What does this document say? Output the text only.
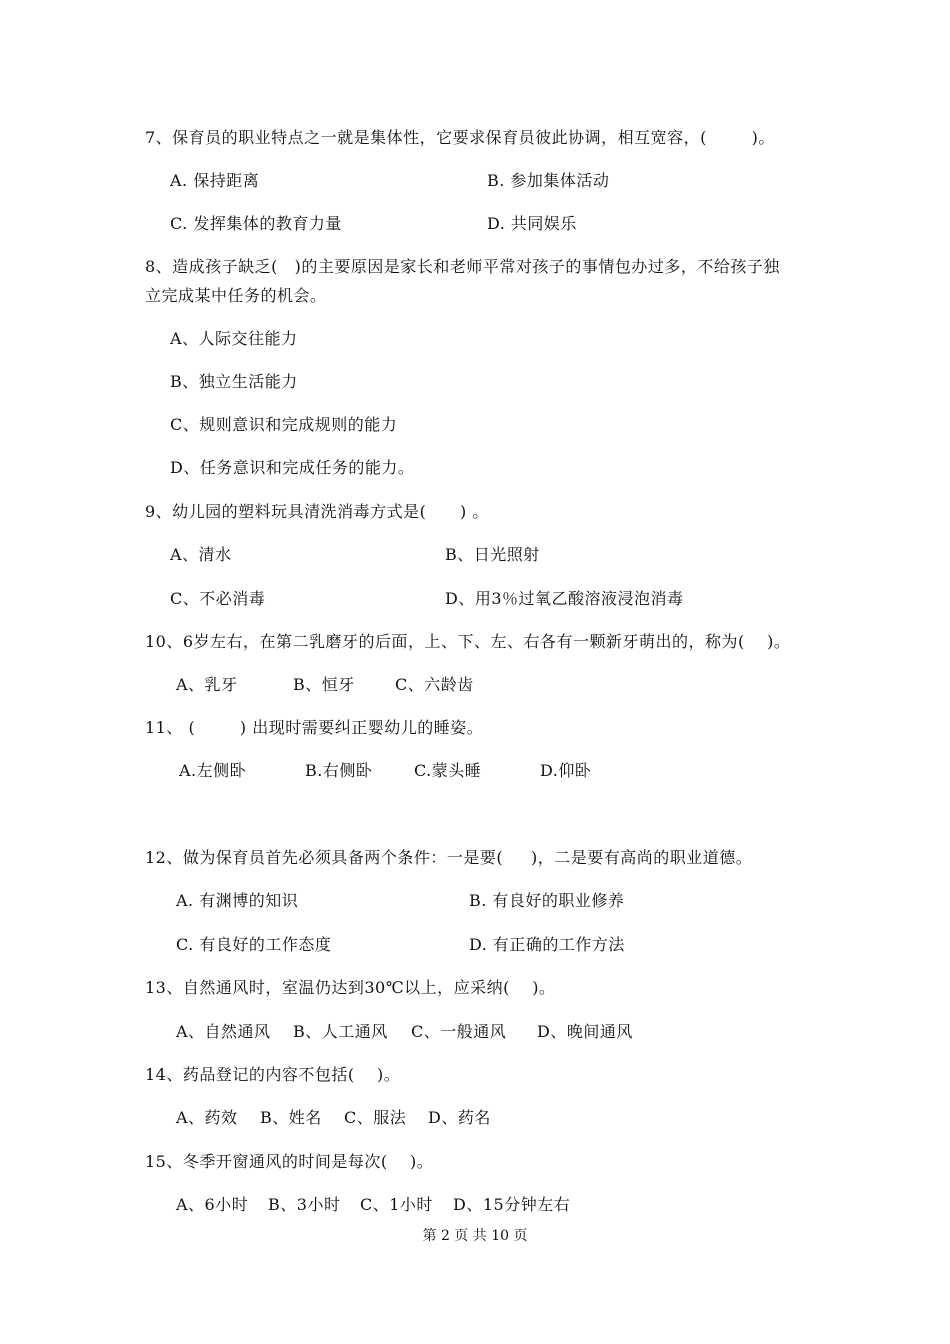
7、保育员的职业特点之一就是集体性，它要求保育员彼此协调，相互宽容，(        )。
A. 保持距离	B. 参加集体活动
C. 发挥集体的教育力量	D. 共同娱乐
8、造成孩子缺乏(   )的主要原因是家长和老师平常对孩子的事情包办过多，不给孩子独
立完成某中任务的机会。
A、人际交往能力
B、独立生活能力
C、规则意识和完成规则的能力
D、任务意识和完成任务的能力。
9、幼儿园的塑料玩具清洗消毒方式是(      ) 。
A、清水	B、日光照射
C、不必消毒	D、用3％过氧乙酸溶液浸泡消毒
10、6岁左右，在第二乳磨牙的后面，上、下、左、右各有一颗新牙萌出的，称为(    )。
A、乳牙	B、恒牙	C、六龄齿
11、 (        ) 出现时需要纠正婴幼儿的睡姿。
A.左侧卧	B.右侧卧	C.蒙头睡	D.仰卧
12、做为保育员首先必须具备两个条件：一是要(     )，二是要有高尚的职业道德。
A. 有渊博的知识	B. 有良好的职业修养
C. 有良好的工作态度	D. 有正确的工作方法
13、自然通风时，室温仍达到30℃以上，应采纳(    )。
A、自然通风 B、人工通风 C、一般通风 D、晚间通风
14、药品登记的内容不包括(    )。
A、药效 B、姓名 C、服法 D、药名
15、冬季开窗通风的时间是每次(    )。
A、6小时 B、3小时 C、1小时 D、15分钟左右
第 2 页 共 10 页
